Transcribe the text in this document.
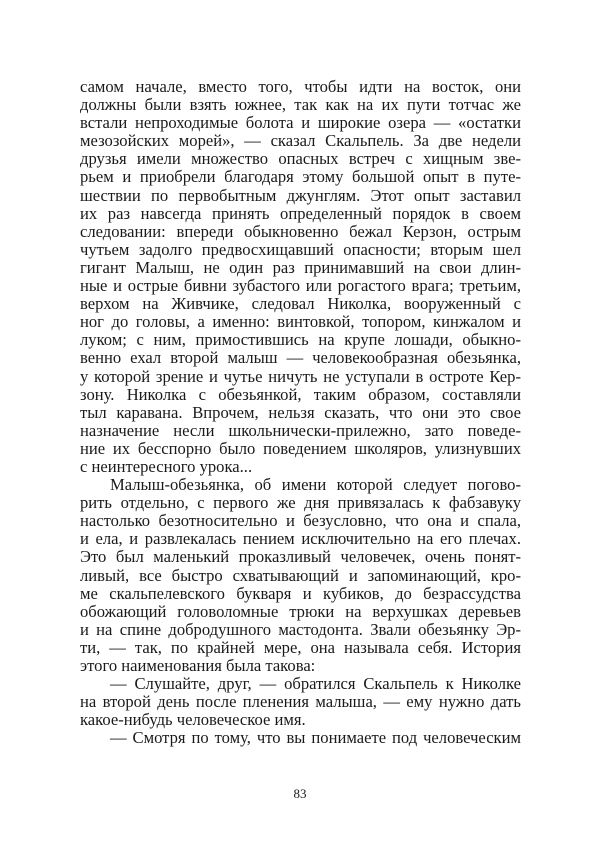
самом начале, вместо того, чтобы идти на восток, они
должны были взять южнее, так как на их пути тотчас же
встали непроходимые болота и широкие озера — «остатки
мезозойских морей», — сказал Скальпель. За две недели
друзья имели множество опасных встреч с хищным зве-
рьем и приобрели благодаря этому большой опыт в путе-
шествии по первобытным джунглям. Этот опыт заставил
их раз навсегда принять определенный порядок в своем
следовании: впереди обыкновенно бежал Керзон, острым
чутьем задолго предвосхищавший опасности; вторым шел
гигант Малыш, не один раз принимавший на свои длин-
ные и острые бивни зубастого или рогастого врага; третьим,
верхом на Живчике, следовал Николка, вооруженный с
ног до головы, а именно: винтовкой, топором, кинжалом и
луком; с ним, примостившись на крупе лошади, обыкно-
венно ехал второй малыш — человекообразная обезьянка,
у которой зрение и чутье ничуть не уступали в остроте Кер-
зону. Николка с обезьянкой, таким образом, составляли
тыл каравана. Впрочем, нельзя сказать, что они это свое
назначение несли школьнически-прилежно, зато поведе-
ние их бесспорно было поведением школяров, улизнувших
с неинтересного урока...
Малыш-обезьянка, об имени которой следует погово-
рить отдельно, с первого же дня привязалась к фабзавуку
настолько безотносительно и безусловно, что она и спала,
и ела, и развлекалась пением исключительно на его плечах.
Это был маленький проказливый человечек, очень понят-
ливый, все быстро схватывающий и запоминающий, кро-
ме скальпелевского букваря и кубиков, до безрассудства
обожающий головоломные трюки на верхушках деревьев
и на спине добродушного мастодонта. Звали обезьянку Эр-
ти, — так, по крайней мере, она называла себя. История
этого наименования была такова:
— Слушайте, друг, — обратился Скальпель к Николке
на второй день после пленения малыша, — ему нужно дать
какое-нибудь человеческое имя.
— Смотря по тому, что вы понимаете под человеческим
83
